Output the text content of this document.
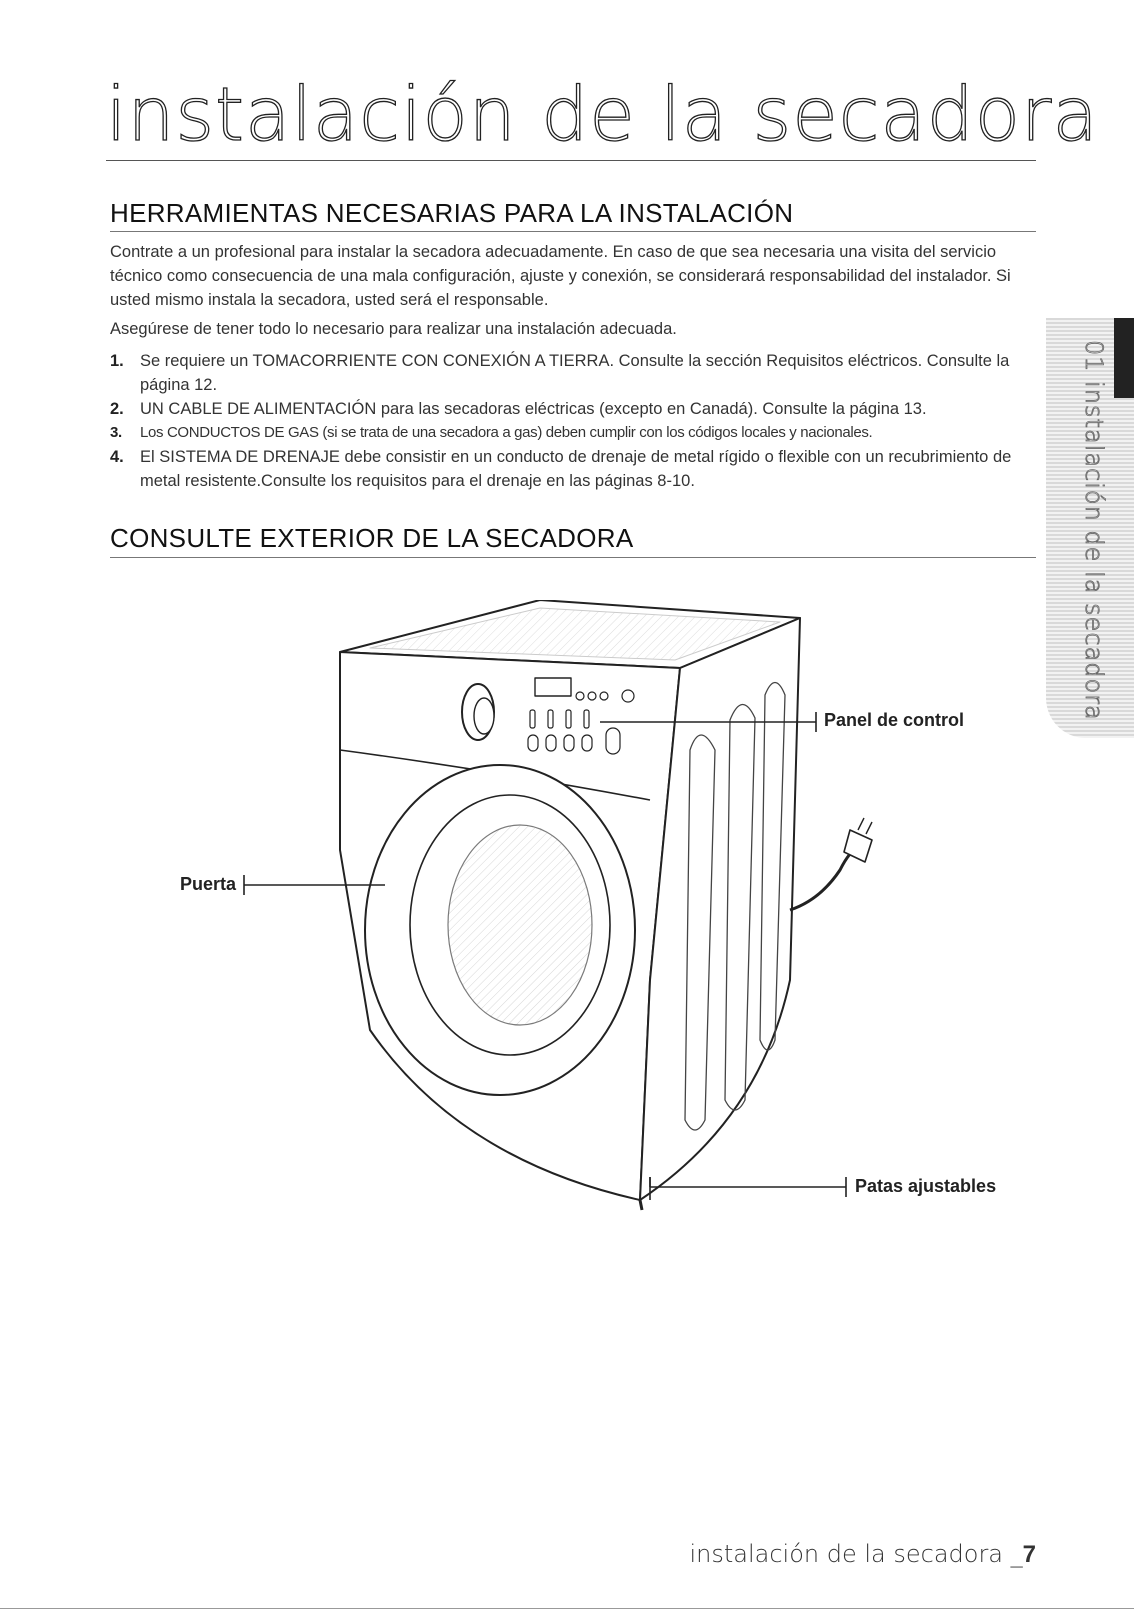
instalación de la secadora
01 instalación de la secadora
HERRAMIENTAS NECESARIAS PARA LA INSTALACIÓN

Contrate a un profesional para instalar la secadora adecuadamente. En caso de que sea necesaria una visita del servicio técnico como consecuencia de una mala configuración, ajuste y conexión, se considerará responsabilidad del instalador. Si usted mismo instala la secadora, usted será el responsable.

Asegúrese de tener todo lo necesario para realizar una instalación adecuada.

1. Se requiere un TOMACORRIENTE CON CONEXIÓN A TIERRA. Consulte la sección Requisitos eléctricos. Consulte la página 12.
2. UN CABLE DE ALIMENTACIÓN para las secadoras eléctricas (excepto en Canadá). Consulte la página 13.
3. Los CONDUCTOS DE GAS (si se trata de una secadora a gas) deben cumplir con los códigos locales y nacionales.
4. El SISTEMA DE DRENAJE debe consistir en un conducto de drenaje de metal rígido o flexible con un recubrimiento de metal resistente.Consulte los requisitos para el drenaje en las páginas 8-10.
CONSULTE EXTERIOR DE LA SECADORA
Panel de control
Puerta
Patas ajustables
instalación de la secadora _7
